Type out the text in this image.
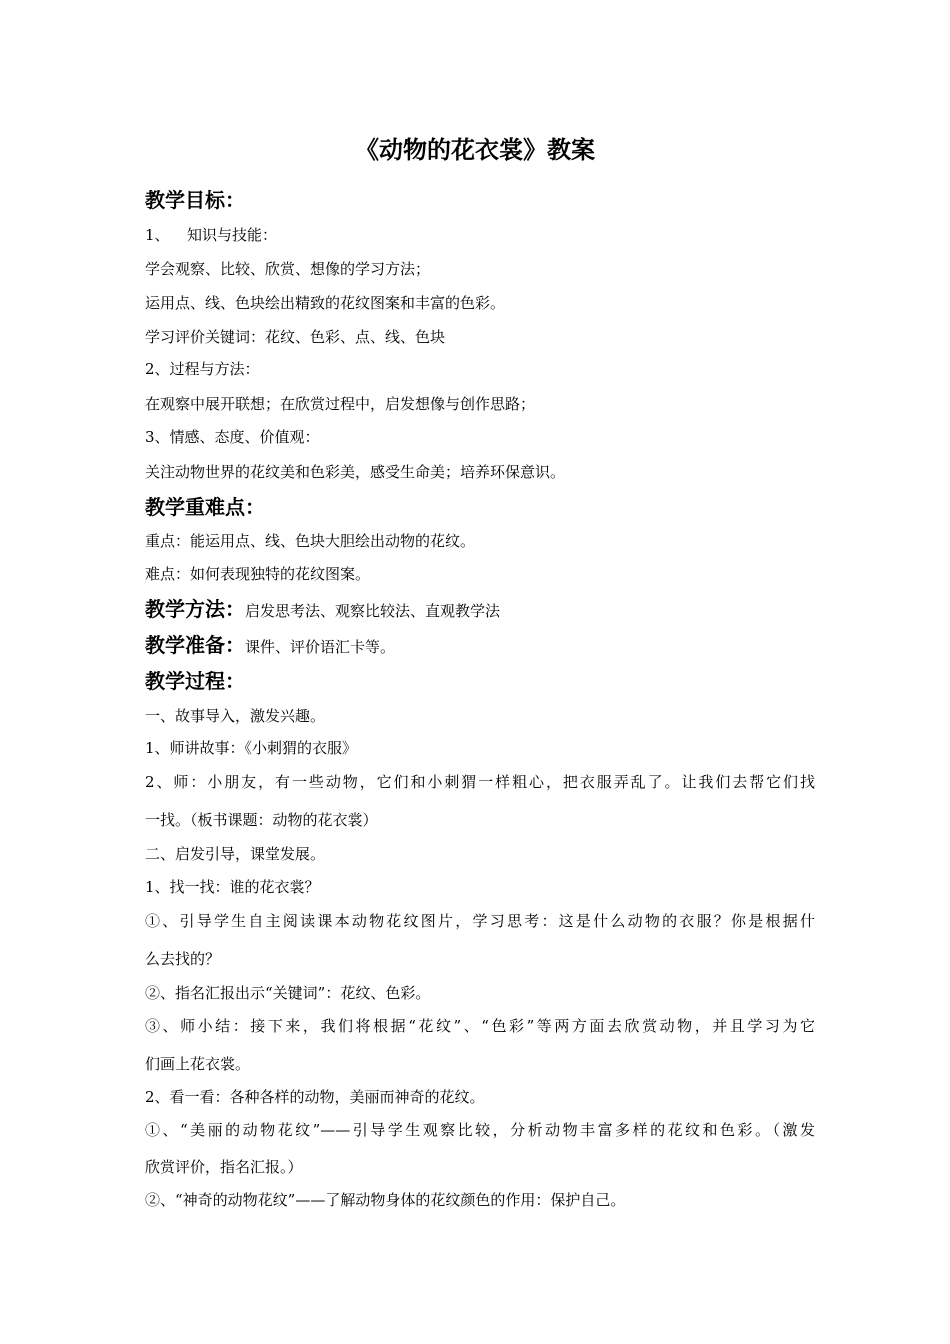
《动物的花衣裳》教案
教学目标：
1、 知识与技能：
学会观察、比较、欣赏、想像的学习方法；
运用点、线、色块绘出精致的花纹图案和丰富的色彩。
学习评价关键词：花纹、色彩、点、线、色块
2、过程与方法：
在观察中展开联想；在欣赏过程中，启发想像与创作思路；
3、情感、态度、价值观：
关注动物世界的花纹美和色彩美，感受生命美；培养环保意识。
教学重难点：
重点：能运用点、线、色块大胆绘出动物的花纹。
难点：如何表现独特的花纹图案。
教学方法：启发思考法、观察比较法、直观教学法
教学准备：课件、评价语汇卡等。
教学过程：
一、故事导入，激发兴趣。
1、师讲故事：《小刺猬的衣服》
2、师：小朋友，有一些动物，它们和小刺猬一样粗心，把衣服弄乱了。让我们去帮它们找
一找。（板书课题：动物的花衣裳）
二、启发引导，课堂发展。
1、找一找：谁的花衣裳？
①、引导学生自主阅读课本动物花纹图片，学习思考：这是什么动物的衣服？你是根据什
么去找的？
②、指名汇报出示“关键词”：花纹、色彩。
③、师小结：接下来，我们将根据“花纹”、“色彩”等两方面去欣赏动物，并且学习为它
们画上花衣裳。
2、看一看：各种各样的动物，美丽而神奇的花纹。
①、“美丽的动物花纹”——引导学生观察比较，分析动物丰富多样的花纹和色彩。（激发
欣赏评价，指名汇报。）
②、“神奇的动物花纹”——了解动物身体的花纹颜色的作用：保护自己。
